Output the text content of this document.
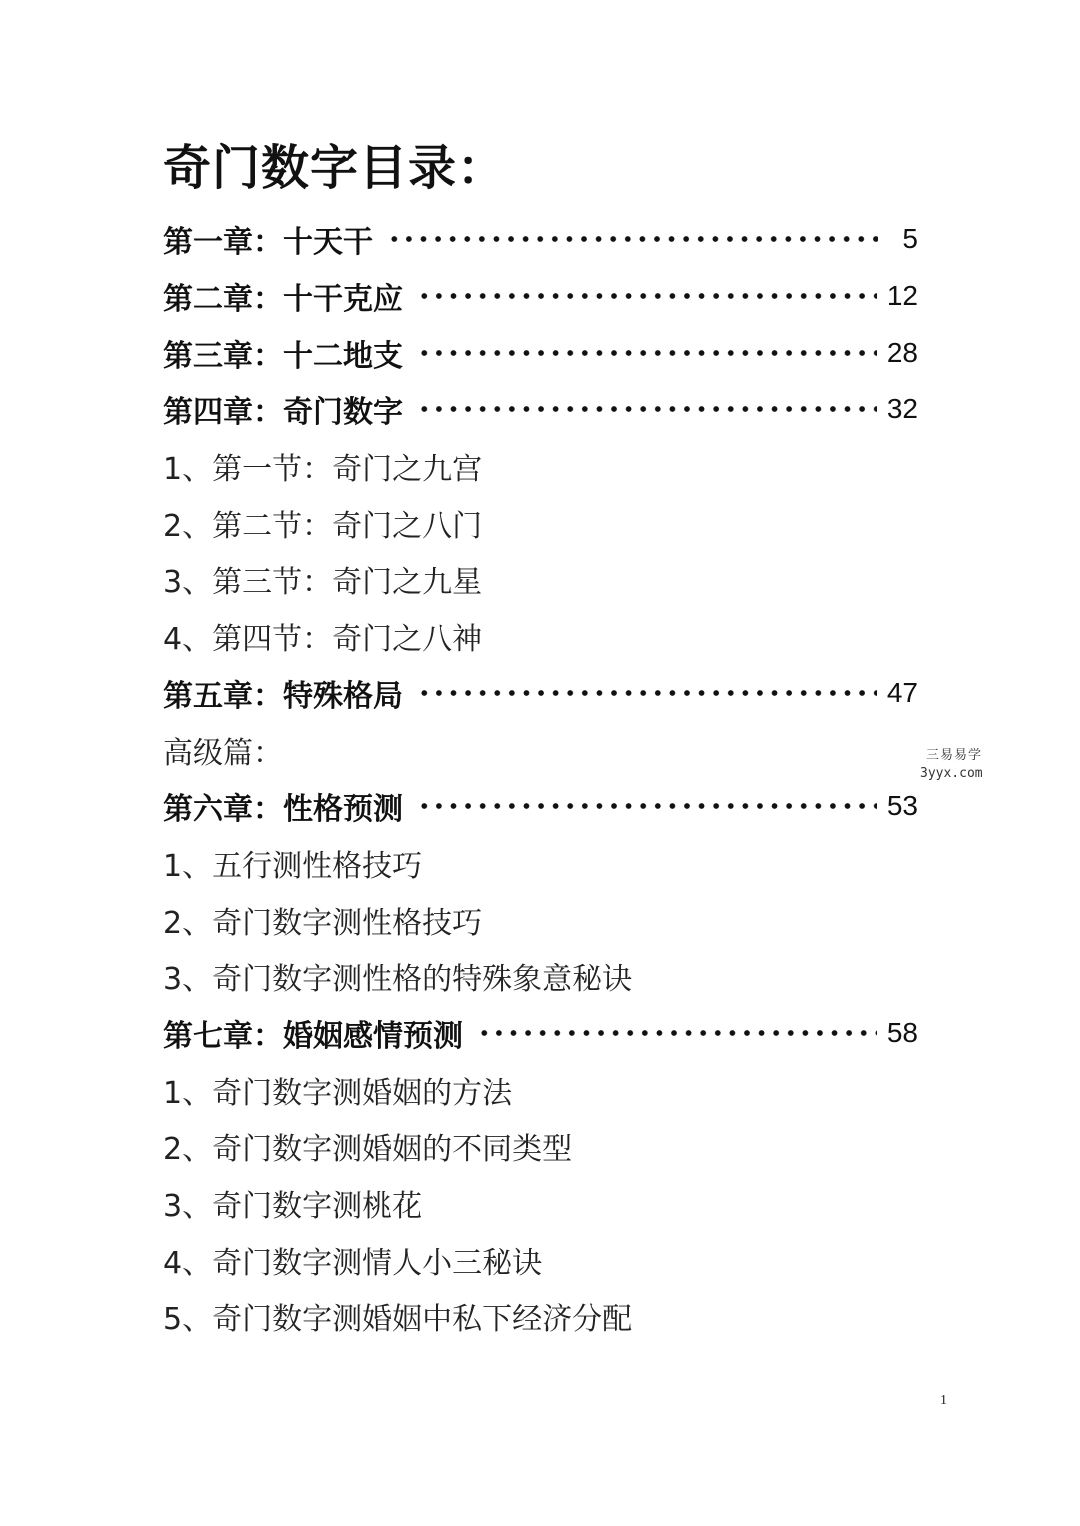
奇门数字目录：
第一章：十天干	5
第二章：十干克应	12
第三章：十二地支	28
第四章：奇门数字	32
1、第一节：奇门之九宫
2、第二节：奇门之八门
3、第三节：奇门之九星
4、第四节：奇门之八神
第五章：特殊格局	47
高级篇：
第六章：性格预测	53
1、五行测性格技巧
2、奇门数字测性格技巧
3、奇门数字测性格的特殊象意秘诀
第七章：婚姻感情预测	58
1、奇门数字测婚姻的方法
2、奇门数字测婚姻的不同类型
3、奇门数字测桃花
4、奇门数字测情人小三秘诀
5、奇门数字测婚姻中私下经济分配
三易易学
3yyx.com
1
